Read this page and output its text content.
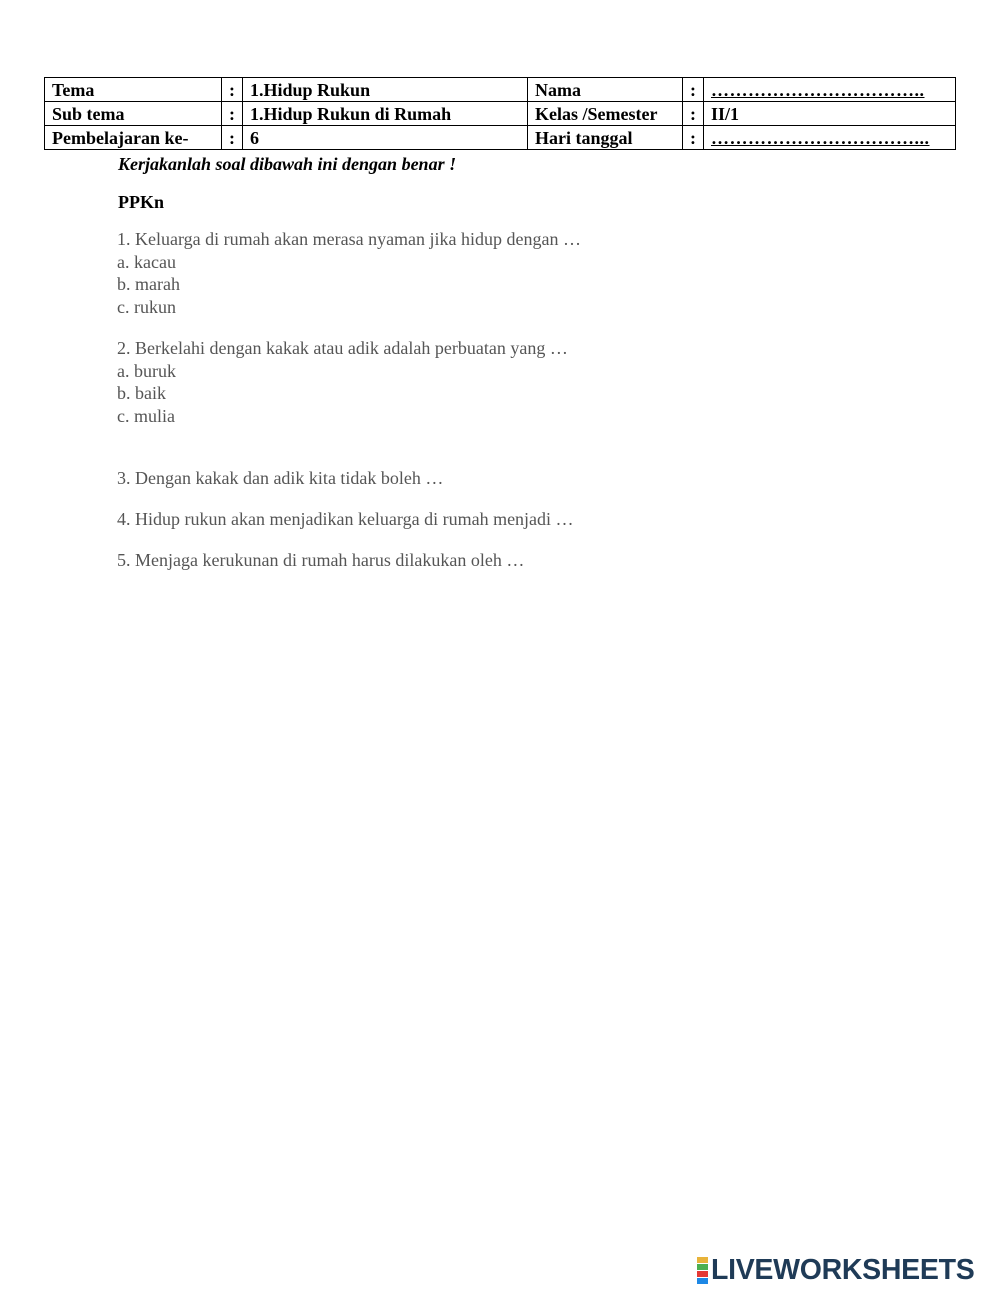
Tema	:	1.Hidup Rukun	Nama	:	……………………………..
Sub tema	:	1.Hidup Rukun di Rumah	Kelas /Semester	:	II/1
Pembelajaran ke-	:	6	Hari tanggal	:	……………………………...
Kerjakanlah soal dibawah ini dengan benar !
PPKn
1. Keluarga di rumah akan merasa nyaman jika hidup dengan …
a. kacau
b. marah
c. rukun
2. Berkelahi dengan kakak atau adik adalah perbuatan yang …
a. buruk
b. baik
c. mulia
3. Dengan kakak dan adik kita tidak boleh …
4. Hidup rukun akan menjadikan keluarga di rumah menjadi …
5. Menjaga kerukunan di rumah harus dilakukan oleh …
LIVEWORKSHEETS
